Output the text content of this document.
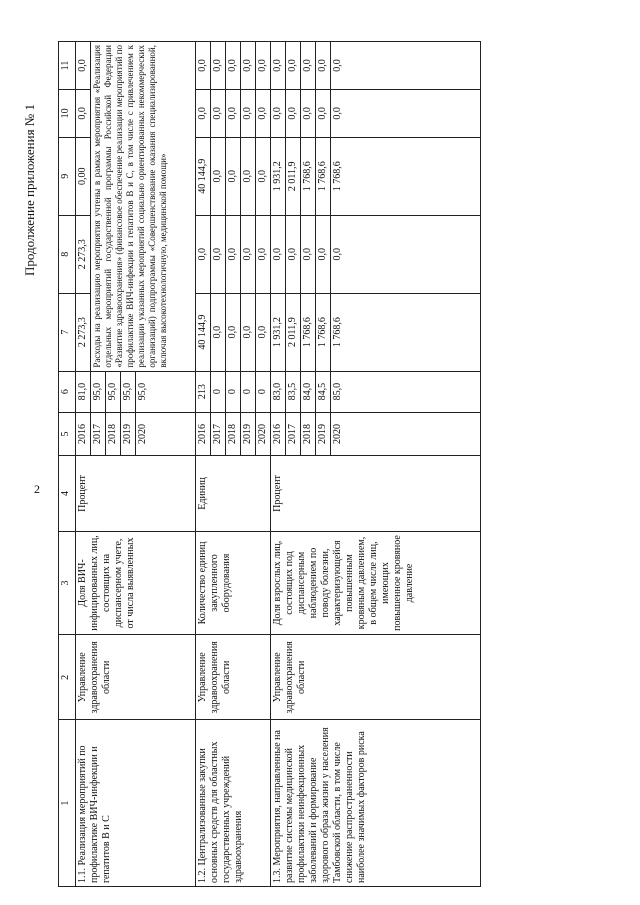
2
Продолжение приложения № 1
1	2	3	4	5	6	7	8	9	10	11
1.1. Реализация мероприятий по профилактике ВИЧ-инфекции и гепатитов В и С	Управление здравоохранения области	Доля ВИЧ-инфицированных лиц, состоящих на диспансерном учете, от числа выявленных	Процент	2016	81,0	2 273,3	2 273,3	0,00	0,0	0,0
				2017	95,0	Расходы на реализацию мероприятия учтены в рамках мероприятия «Реализация отдельных мероприятий государственной программы Российской Федерации «Развитие здравоохранения» (финансовое обеспечение реализации мероприятий по профилактике ВИЧ-инфекции и гепатитов В и С, в том числе с привлечением к реализации указанных мероприятий социально ориентированных некоммерческих организаций) подпрограммы «Совершенствование оказания специализированной, включая высокотехнологичную, медицинской помощи»				
				2018	95,0					
				2019	95,0					
				2020	95,0					
1.2. Централизованные закупки основных средств для областных государственных учреждений здравоохранения	Управление здравоохранения области	Количество единиц закупленного оборудования	Единиц	2016	213	40 144,9	0,0	40 144,9	0,0	0,0
				2017	0	0,0	0,0	0,0	0,0	0,0
				2018	0	0,0	0,0	0,0	0,0	0,0
				2019	0	0,0	0,0	0,0	0,0	0,0
				2020	0	0,0	0,0	0,0	0,0	0,0
1.3. Мероприятия, направленные на развитие системы медицинской профилактики неинфекционных заболеваний и формирование здорового образа жизни у населения Тамбовской области, в том числе снижение распространенности наиболее значимых факторов риска	Управление здравоохранения области	Доля взрослых лиц, состоящих под диспансерным наблюдением по поводу болезни, характеризующейся повышенным кровяным давлением, в общем числе лиц, имеющих повышенное кровяное давление	Процент	2016	83,0	1 931,2	0,0	1 931,2	0,0	0,0
				2017	83,5	2 011,9	0,0	2 011,9	0,0	0,0
				2018	84,0	1 768,6	0,0	1 768,6	0,0	0,0
				2019	84,5	1 768,6	0,0	1 768,6	0,0	0,0
				2020	85,0	1 768,6	0,0	1 768,6	0,0	0,0
